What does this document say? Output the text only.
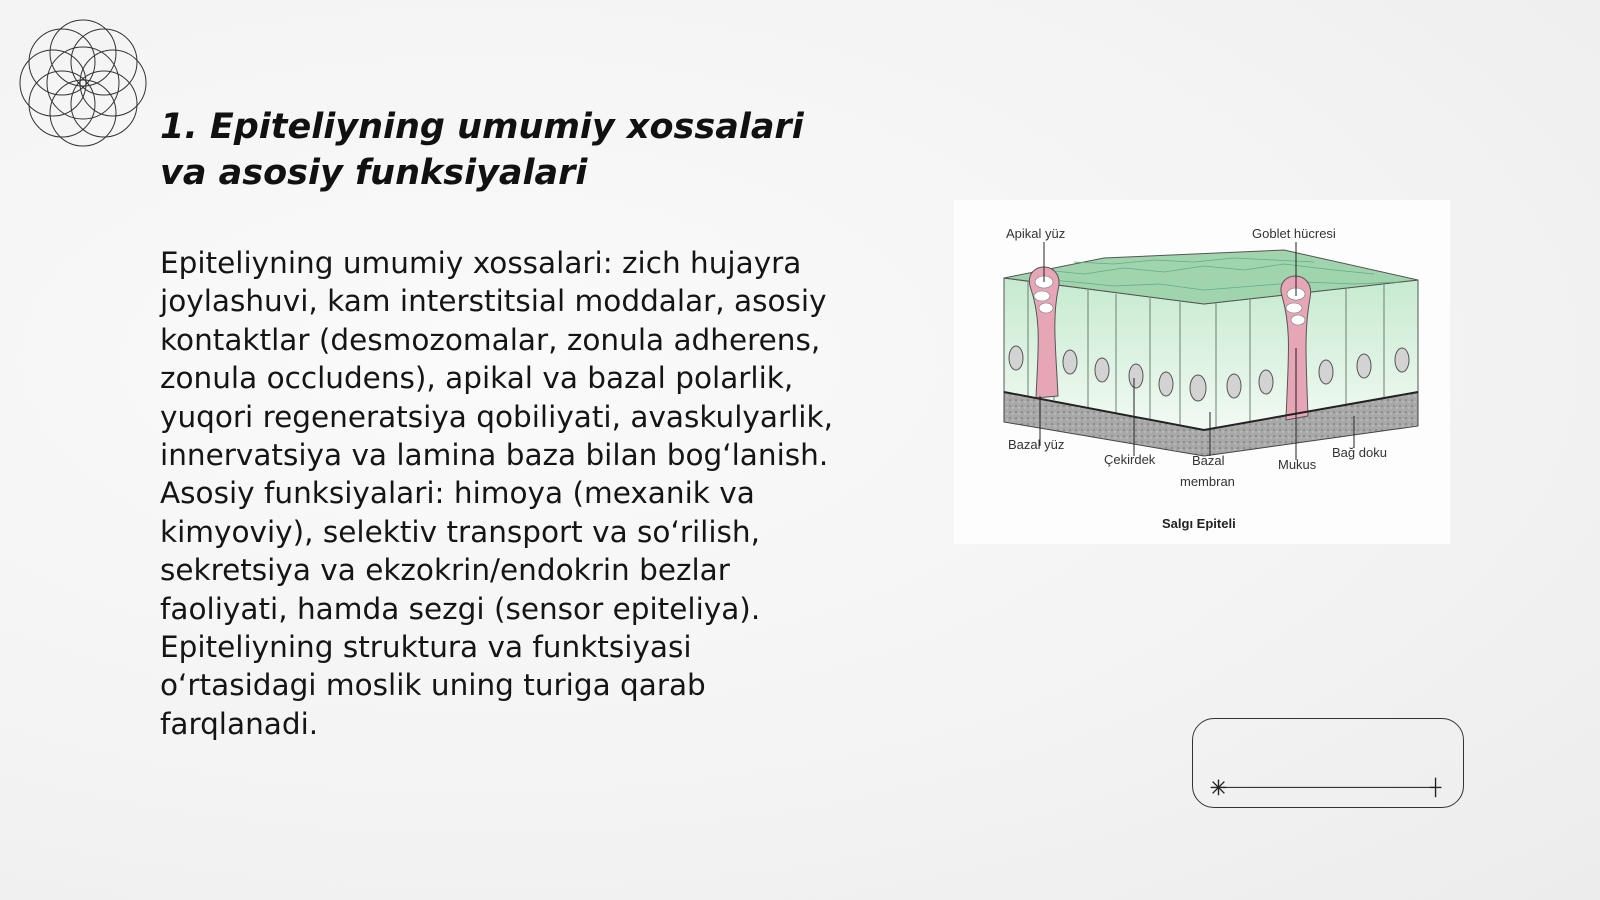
1. Epiteliyning umumiy xossalari va asosiy funksiyalari

Epiteliyning umumiy xossalari: zich hujayra
joylashuvi, kam interstitsial moddalar, asosiy
kontaktlar (desmozomalar, zonula adherens,
zonula occludens), apikal va bazal polarlik,
yuqori regeneratsiya qobiliyati, avaskulyarlik,
innervatsiya va lamina baza bilan bog‘lanish.
Asosiy funksiyalari: himoya (mexanik va
kimyoviy), selektiv transport va so‘rilish,
sekretsiya va ekzokrin/endokrin bezlar
faoliyati, hamda sezgi (sensor epiteliya).
Epiteliyning struktura va funktsiyasi
o‘rtasidagi moslik uning turiga qarab
farqlanadi.

Apikal yüz	Goblet hücresi
Bazal yüz
Çekirdek	Bazal
membran
Mukus
Bağ doku
Salgı Epiteli
